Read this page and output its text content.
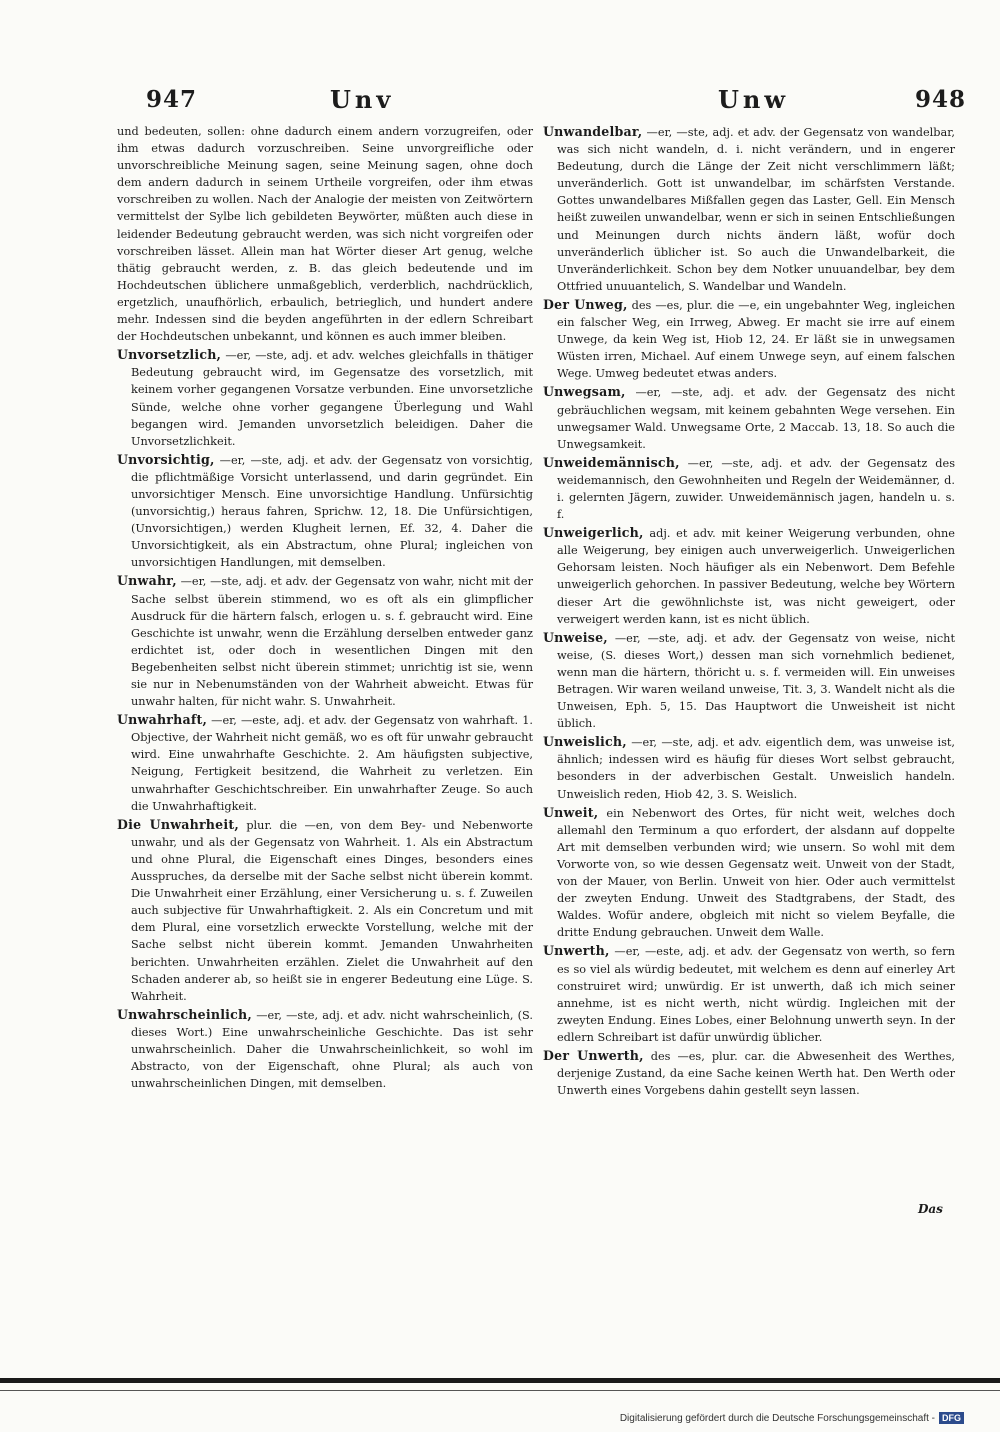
947	Unv	Unw	948

und bedeuten, sollen: ohne dadurch einem andern vorzugreifen, oder ihm etwas dadurch vorzuschreiben. Seine unvorgreifliche oder unvorschreibliche Meinung sagen, seine Meinung sagen, ohne doch dem andern dadurch in seinem Urtheile vorgreifen, oder ihm etwas vorschreiben zu wollen. Nach der Analogie der meisten von Zeitwörtern vermittelst der Sylbe lich gebildeten Beywörter, müßten auch diese in leidender Bedeutung gebraucht werden, was sich nicht vorgreifen oder vorschreiben lässet. Allein man hat Wörter dieser Art genug, welche thätig gebraucht werden, z. B. das gleich bedeutende und im Hochdeutschen üblichere unmaßgeblich, verderblich, nachdrücklich, ergetzlich, unaufhörlich, erbaulich, betrieglich, und hundert andere mehr. Indessen sind die beyden angeführten in der edlern Schreibart der Hochdeutschen unbekannt, und können es auch immer bleiben.

Unvorsetzlich, —er, —ste, adj. et adv. welches gleichfalls in thätiger Bedeutung gebraucht wird, im Gegensatze des vorsetzlich, mit keinem vorher gegangenen Vorsatze verbunden. Eine unvorsetzliche Sünde, welche ohne vorher gegangene Überlegung und Wahl begangen wird. Jemanden unvorsetzlich beleidigen. Daher die Unvorsetzlichkeit.

Unvorsichtig, —er, —ste, adj. et adv. der Gegensatz von vorsichtig, die pflichtmäßige Vorsicht unterlassend, und darin gegründet. Ein unvorsichtiger Mensch. Eine unvorsichtige Handlung. Unfürsichtig (unvorsichtig,) heraus fahren, Sprichw. 12, 18. Die Unfürsichtigen, (Unvorsichtigen,) werden Klugheit lernen, Ef. 32, 4. Daher die Unvorsichtigkeit, als ein Abstractum, ohne Plural; ingleichen von unvorsichtigen Handlungen, mit demselben.

Unwahr, —er, —ste, adj. et adv. der Gegensatz von wahr, nicht mit der Sache selbst überein stimmend, wo es oft als ein glimpflicher Ausdruck für die härtern falsch, erlogen u. s. f. gebraucht wird. Eine Geschichte ist unwahr, wenn die Erzählung derselben entweder ganz erdichtet ist, oder doch in wesentlichen Dingen mit den Begebenheiten selbst nicht überein stimmet; unrichtig ist sie, wenn sie nur in Nebenumständen von der Wahrheit abweicht. Etwas für unwahr halten, für nicht wahr. S. Unwahrheit.

Unwahrhaft, —er, —este, adj. et adv. der Gegensatz von wahrhaft. 1. Objective, der Wahrheit nicht gemäß, wo es oft für unwahr gebraucht wird. Eine unwahrhafte Geschichte. 2. Am häufigsten subjective, Neigung, Fertigkeit besitzend, die Wahrheit zu verletzen. Ein unwahrhafter Geschichtschreiber. Ein unwahrhafter Zeuge. So auch die Unwahrhaftigkeit.

Die Unwahrheit, plur. die —en, von dem Bey- und Nebenworte unwahr, und als der Gegensatz von Wahrheit. 1. Als ein Abstractum und ohne Plural, die Eigenschaft eines Dinges, besonders eines Ausspruches, da derselbe mit der Sache selbst nicht überein kommt. Die Unwahrheit einer Erzählung, einer Versicherung u. s. f. Zuweilen auch subjective für Unwahrhaftigkeit. 2. Als ein Concretum und mit dem Plural, eine vorsetzlich erweckte Vorstellung, welche mit der Sache selbst nicht überein kommt. Jemanden Unwahrheiten berichten. Unwahrheiten erzählen. Zielet die Unwahrheit auf den Schaden anderer ab, so heißt sie in engerer Bedeutung eine Lüge. S. Wahrheit.

Unwahrscheinlich, —er, —ste, adj. et adv. nicht wahrscheinlich, (S. dieses Wort.) Eine unwahrscheinliche Geschichte. Das ist sehr unwahrscheinlich. Daher die Unwahrscheinlichkeit, so wohl im Abstracto, von der Eigenschaft, ohne Plural; als auch von unwahrscheinlichen Dingen, mit demselben.

Unwandelbar, —er, —ste, adj. et adv. der Gegensatz von wandelbar, was sich nicht wandeln, d. i. nicht verändern, und in engerer Bedeutung, durch die Länge der Zeit nicht verschlimmern läßt; unveränderlich. Gott ist unwandelbar, im schärfsten Verstande. Gottes unwandelbares Mißfallen gegen das Laster, Gell. Ein Mensch heißt zuweilen unwandelbar, wenn er sich in seinen Entschließungen und Meinungen durch nichts ändern läßt, wofür doch unveränderlich üblicher ist. So auch die Unwandelbarkeit, die Unveränderlichkeit. Schon bey dem Notker unuuandelbar, bey dem Ottfried unuuantelich, S. Wandelbar und Wandeln.

Der Unweg, des —es, plur. die —e, ein ungebahnter Weg, ingleichen ein falscher Weg, ein Irrweg, Abweg. Er macht sie irre auf einem Unwege, da kein Weg ist, Hiob 12, 24. Er läßt sie in unwegsamen Wüsten irren, Michael. Auf einem Unwege seyn, auf einem falschen Wege. Umweg bedeutet etwas anders.

Unwegsam, —er, —ste, adj. et adv. der Gegensatz des nicht gebräuchlichen wegsam, mit keinem gebahnten Wege versehen. Ein unwegsamer Wald. Unwegsame Orte, 2 Maccab. 13, 18. So auch die Unwegsamkeit.

Unweidemännisch, —er, —ste, adj. et adv. der Gegensatz des weidemannisch, den Gewohnheiten und Regeln der Weidemänner, d. i. gelernten Jägern, zuwider. Unweidemännisch jagen, handeln u. s. f.

Unweigerlich, adj. et adv. mit keiner Weigerung verbunden, ohne alle Weigerung, bey einigen auch unverweigerlich. Unweigerlichen Gehorsam leisten. Noch häufiger als ein Nebenwort. Dem Befehle unweigerlich gehorchen. In passiver Bedeutung, welche bey Wörtern dieser Art die gewöhnlichste ist, was nicht geweigert, oder verweigert werden kann, ist es nicht üblich.

Unweise, —er, —ste, adj. et adv. der Gegensatz von weise, nicht weise, (S. dieses Wort,) dessen man sich vornehmlich bedienet, wenn man die härtern, thöricht u. s. f. vermeiden will. Ein unweises Betragen. Wir waren weiland unweise, Tit. 3, 3. Wandelt nicht als die Unweisen, Eph. 5, 15. Das Hauptwort die Unweisheit ist nicht üblich.

Unweislich, —er, —ste, adj. et adv. eigentlich dem, was unweise ist, ähnlich; indessen wird es häufig für dieses Wort selbst gebraucht, besonders in der adverbischen Gestalt. Unweislich handeln. Unweislich reden, Hiob 42, 3. S. Weislich.

Unweit, ein Nebenwort des Ortes, für nicht weit, welches doch allemahl den Terminum a quo erfordert, der alsdann auf doppelte Art mit demselben verbunden wird; wie unsern. So wohl mit dem Vorworte von, so wie dessen Gegensatz weit. Unweit von der Stadt, von der Mauer, von Berlin. Unweit von hier. Oder auch vermittelst der zweyten Endung. Unweit des Stadtgrabens, der Stadt, des Waldes. Wofür andere, obgleich mit nicht so vielem Beyfalle, die dritte Endung gebrauchen. Unweit dem Walle.

Unwerth, —er, —este, adj. et adv. der Gegensatz von werth, so fern es so viel als würdig bedeutet, mit welchem es denn auf einerley Art construiret wird; unwürdig. Er ist unwerth, daß ich mich seiner annehme, ist es nicht werth, nicht würdig. Ingleichen mit der zweyten Endung. Eines Lobes, einer Belohnung unwerth seyn. In der edlern Schreibart ist dafür unwürdig üblicher.

Der Unwerth, des —es, plur. car. die Abwesenheit des Werthes, derjenige Zustand, da eine Sache keinen Werth hat. Den Werth oder Unwerth eines Vorgebens dahin gestellt seyn lassen.

Das
Digitalisierung gefördert durch die Deutsche Forschungsgemeinschaft - DFG
